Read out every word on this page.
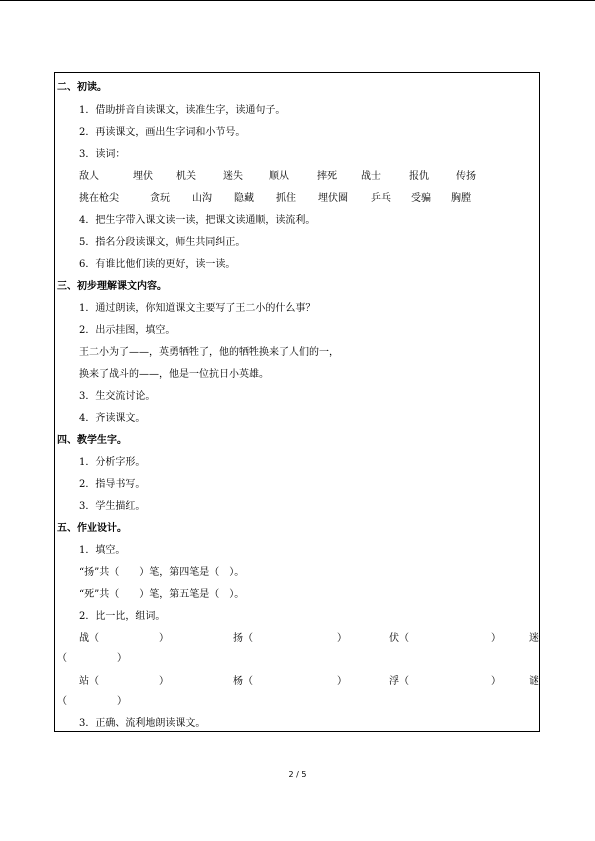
二、初读。
1．借助拼音自读课文，读准生字，读通句子。
2．再读课文，画出生字词和小节号。
3．读词：
敌人	埋伏 机关	迷失	顺从	摔死 战士	报仇	传扬
挑在枪尖	贪玩 山沟 隐藏 抓住 埋伏圈 乒乓 受骗 胸膛
4．把生字带入课文读一读，把课文读通顺，读流利。
5．指名分段读课文，师生共同纠正。
6．有谁比他们读的更好，读一读。
三、初步理解课文内容。
1．通过朗读，你知道课文主要写了王二小的什么事？
2．出示挂图，填空。
王二小为了——，英勇牺牲了，他的牺牲换来了人们的一，
换来了战斗的——，他是一位抗日小英雄。
3．生交流讨论。
4．齐读课文。
四、教学生字。
1．分析字形。
2．指导书写。
3．学生描红。
五、作业设计。
1．填空。
“扬”共（　　）笔，第四笔是（　）。
“死”共（　　）笔，第五笔是（　）。
2．比一比，组词。
战（	）	扬（	）	伏（	）	迷
（　　　　　）
站（	）	杨（	）	浮（	）	谜
（　　　　　）
3．正确、流利地朗读课文。
2 / 5
